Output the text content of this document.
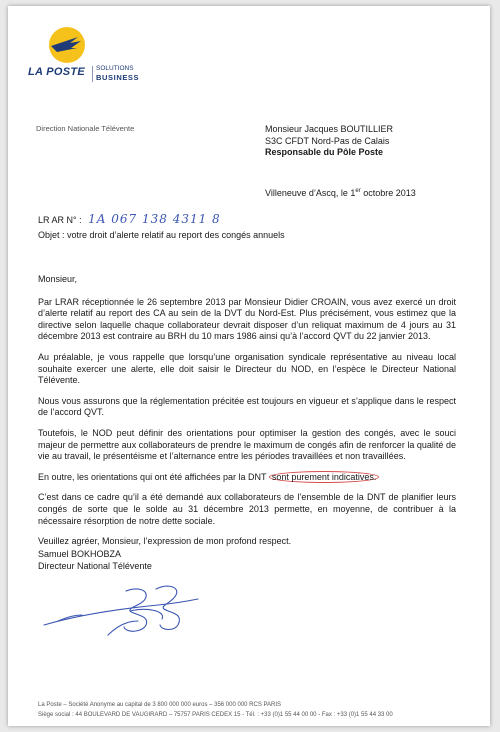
LA POSTE SOLUTIONS
BUSINESS
Direction Nationale Télévente	Monsieur Jacques BOUTILLIER
S3C CFDT Nord-Pas de Calais
Responsable du Pôle Poste
Villeneuve d’Ascq, le 1er octobre 2013
LR AR N° : 1A 067 138 4311 8
Objet : votre droit d’alerte relatif au report des congés annuels

Monsieur,

Par LRAR réceptionnée le 26 septembre 2013 par Monsieur Didier CROAIN, vous avez exercé un droit d’alerte relatif au report des CA au sein de la DVT du Nord-Est. Plus précisément, vous estimez que la directive selon laquelle chaque collaborateur devrait disposer d’un reliquat maximum de 4 jours au 31 décembre 2013 est contraire au BRH du 10 mars 1986 ainsi qu’à l’accord QVT du 22 janvier 2013.

Au préalable, je vous rappelle que lorsqu’une organisation syndicale représentative au niveau local souhaite exercer une alerte, elle doit saisir le Directeur du NOD, en l’espèce le Directeur National Télévente.

Nous vous assurons que la réglementation précitée est toujours en vigueur et s’applique dans le respect de l’accord QVT.

Toutefois, le NOD peut définir des orientations pour optimiser la gestion des congés, avec le souci majeur de permettre aux collaborateurs de prendre le maximum de congés afin de renforcer la qualité de vie au travail, le présentéisme et l’alternance entre les périodes travaillées et non travaillées.

En outre, les orientations qui ont été affichées par la DNT sont purement indicatives.

C’est dans ce cadre qu’il a été demandé aux collaborateurs de l’ensemble de la DNT de planifier leurs congés de sorte que le solde au 31 décembre 2013 permette, en moyenne, de contribuer à la nécessaire résorption de notre dette sociale.

Veuillez agréer, Monsieur, l’expression de mon profond respect.

Samuel BOKHOBZA
Directeur National Télévente
La Poste – Société Anonyme au capital de 3 800 000 000 euros – 356 000 000 RCS PARIS
Siège social : 44 BOULEVARD DE VAUGIRARD – 75757 PARIS CEDEX 15 - Tél. : +33 (0)1 55 44 00 00 - Fax : +33 (0)1 55 44 33 00
